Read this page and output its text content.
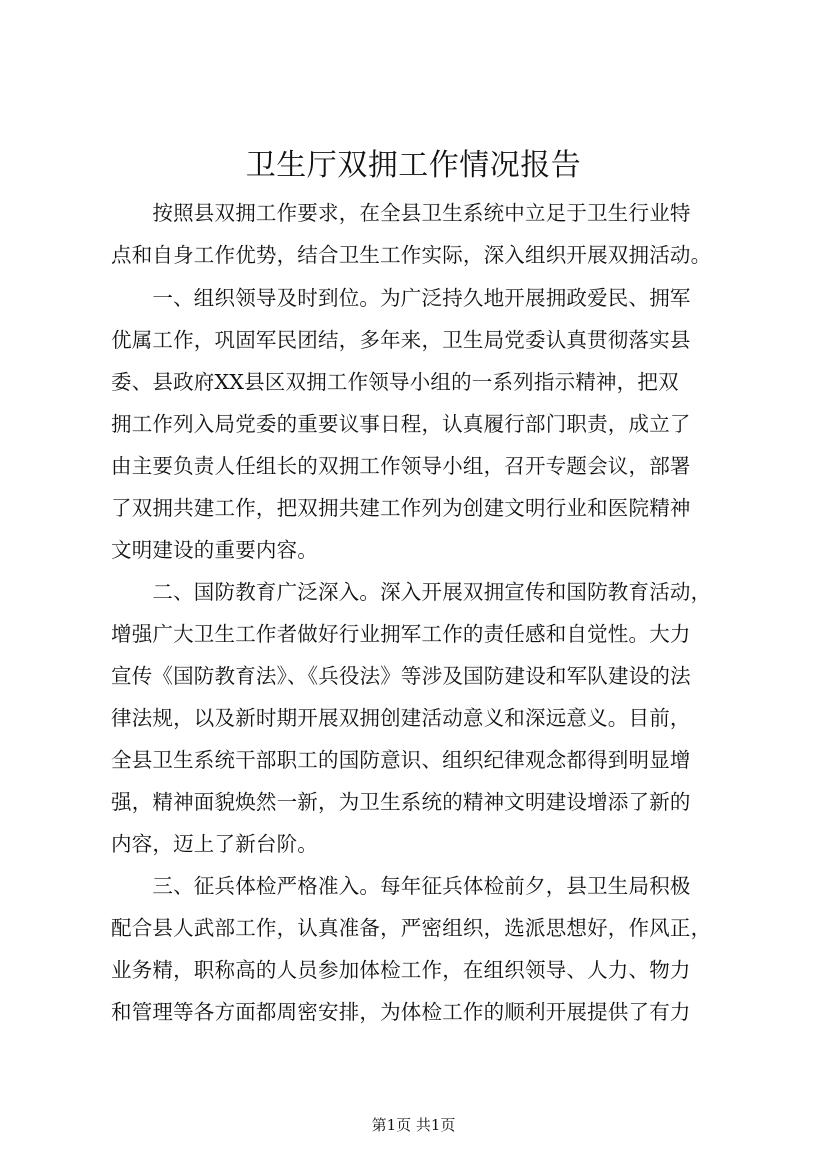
卫生厅双拥工作情况报告
　　按照县双拥工作要求，在全县卫生系统中立足于卫生行业特
点和自身工作优势，结合卫生工作实际，深入组织开展双拥活动。
　　一、组织领导及时到位。为广泛持久地开展拥政爱民、拥军
优属工作，巩固军民团结，多年来，卫生局党委认真贯彻落实县
委、县政府XX县区双拥工作领导小组的一系列指示精神，把双
拥工作列入局党委的重要议事日程，认真履行部门职责，成立了
由主要负责人任组长的双拥工作领导小组，召开专题会议，部署
了双拥共建工作，把双拥共建工作列为创建文明行业和医院精神
文明建设的重要内容。
　　二、国防教育广泛深入。深入开展双拥宣传和国防教育活动，
增强广大卫生工作者做好行业拥军工作的责任感和自觉性。大力
宣传《国防教育法》、《兵役法》等涉及国防建设和军队建设的法
律法规，以及新时期开展双拥创建活动意义和深远意义。目前，
全县卫生系统干部职工的国防意识、组织纪律观念都得到明显增
强，精神面貌焕然一新，为卫生系统的精神文明建设增添了新的
内容，迈上了新台阶。
　　三、征兵体检严格准入。每年征兵体检前夕，县卫生局积极
配合县人武部工作，认真准备，严密组织，选派思想好，作风正，
业务精，职称高的人员参加体检工作，在组织领导、人力、物力
和管理等各方面都周密安排，为体检工作的顺利开展提供了有力
第1页 共1页
